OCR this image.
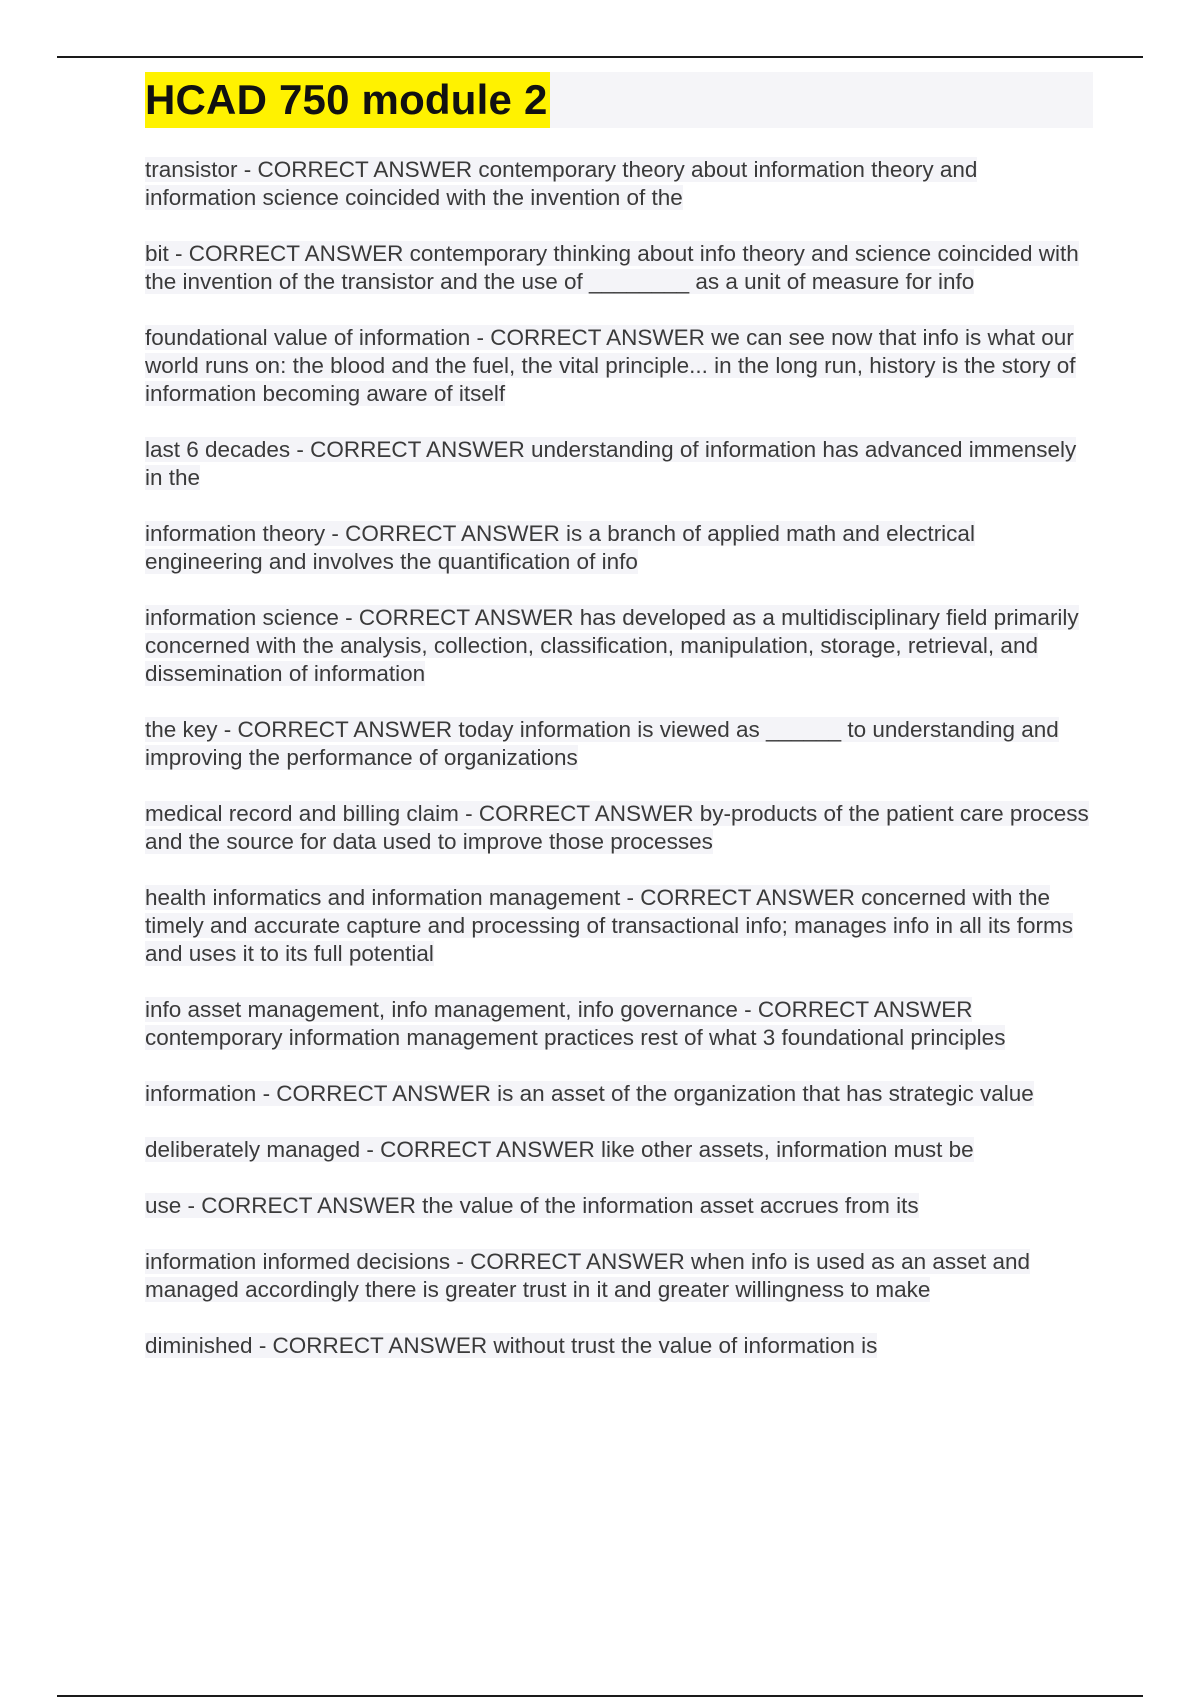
HCAD 750 module 2

transistor - CORRECT ANSWER contemporary theory about information theory and information science coincided with the invention of the

bit - CORRECT ANSWER contemporary thinking about info theory and science coincided with the invention of the transistor and the use of ________ as a unit of measure for info

foundational value of information - CORRECT ANSWER we can see now that info is what our world runs on: the blood and the fuel, the vital principle... in the long run, history is the story of information becoming aware of itself

last 6 decades - CORRECT ANSWER understanding of information has advanced immensely in the

information theory - CORRECT ANSWER is a branch of applied math and electrical engineering and involves the quantification of info

information science - CORRECT ANSWER has developed as a multidisciplinary field primarily concerned with the analysis, collection, classification, manipulation, storage, retrieval, and dissemination of information

the key - CORRECT ANSWER today information is viewed as ______ to understanding and improving the performance of organizations

medical record and billing claim - CORRECT ANSWER by-products of the patient care process and the source for data used to improve those processes

health informatics and information management - CORRECT ANSWER concerned with the timely and accurate capture and processing of transactional info; manages info in all its forms and uses it to its full potential

info asset management, info management, info governance - CORRECT ANSWER contemporary information management practices rest of what 3 foundational principles

information - CORRECT ANSWER is an asset of the organization that has strategic value

deliberately managed - CORRECT ANSWER like other assets, information must be

use - CORRECT ANSWER the value of the information asset accrues from its

information informed decisions - CORRECT ANSWER when info is used as an asset and managed accordingly there is greater trust in it and greater willingness to make

diminished - CORRECT ANSWER without trust the value of information is
